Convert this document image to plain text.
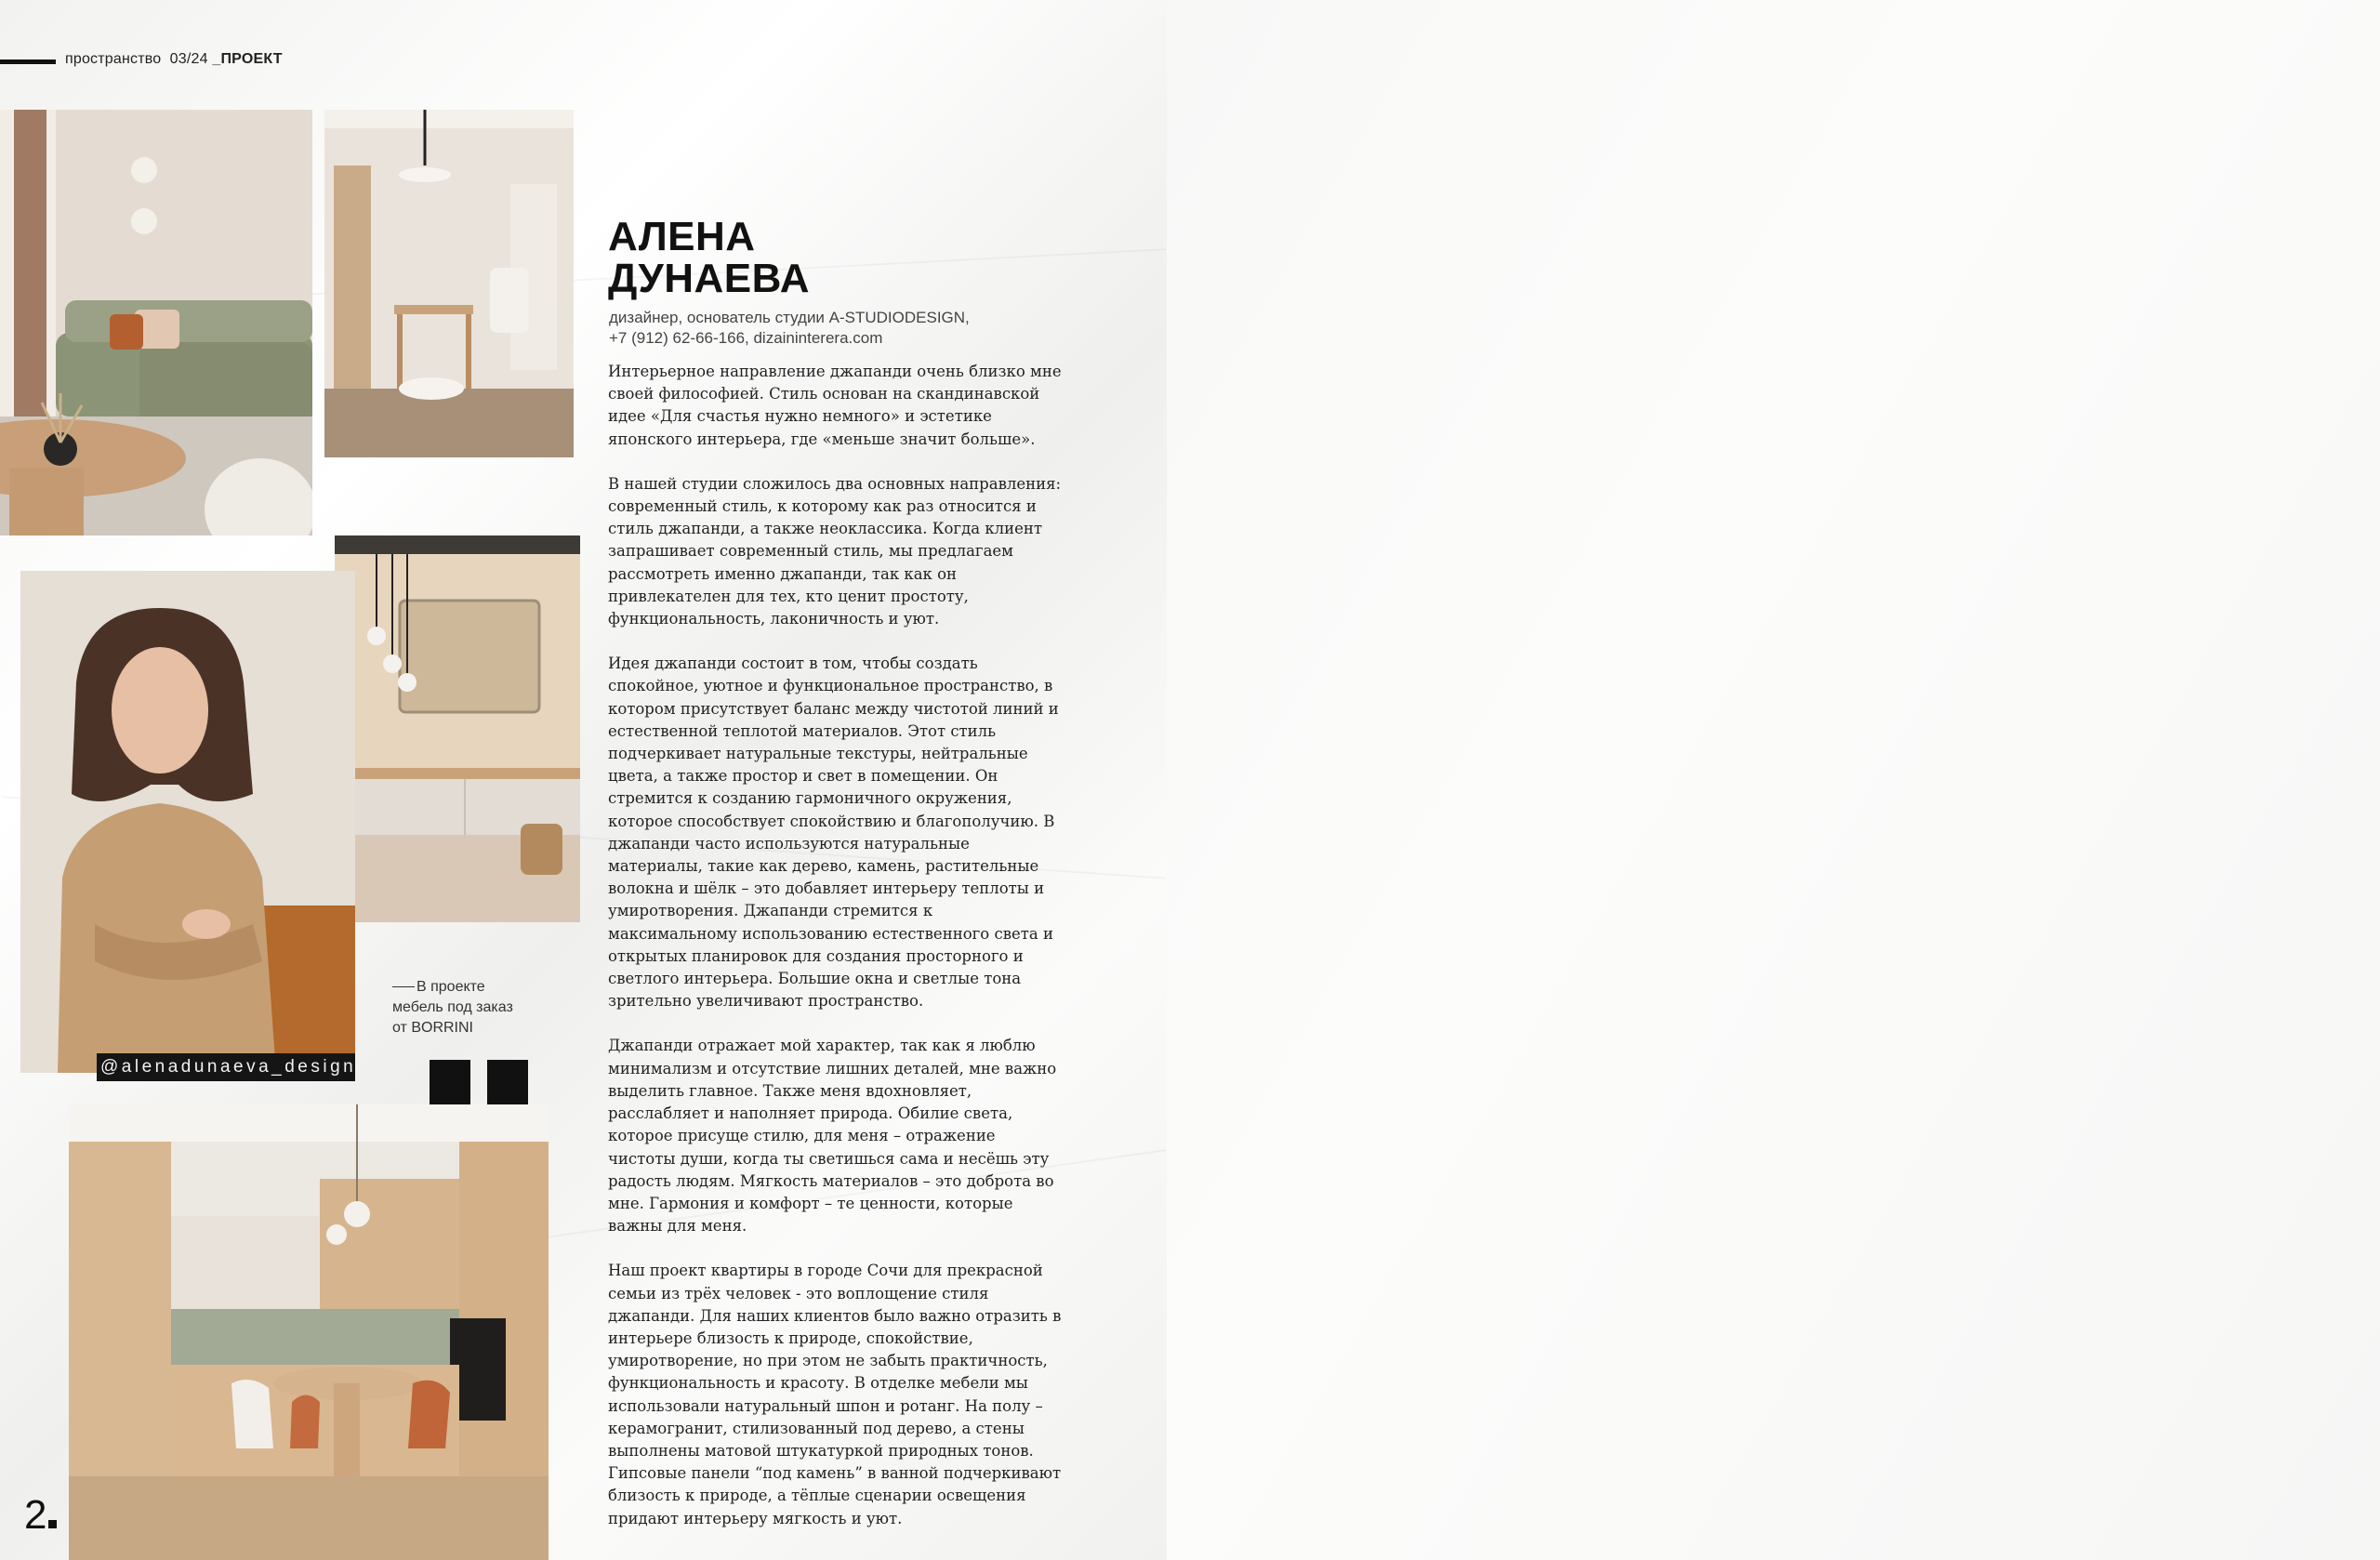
пространство 03/24 _ПРОЕКТ
@alenadunaeva_design
В проекте
мебель под заказ
от BORRINI
2
АЛЕНА
ДУНАЕВА
дизайнер, основатель студии A-STUDIODESIGN,
+7 (912) 62-66-166, dizaininterera.com

Интерьерное направление джапанди очень близко мне своей философией. Стиль основан на скандинавской идее «Для счастья нужно немного» и эстетике японского интерьера, где «меньше значит больше».

В нашей студии сложилось два основных направления: современный стиль, к которому как раз относится и стиль джапанди, а также неоклассика. Когда клиент запрашивает современный стиль, мы предлагаем рассмотреть именно джапанди, так как он привлекателен для тех, кто ценит простоту, функциональность, лаконичность и уют.

Идея джапанди состоит в том, чтобы создать спокойное, уютное и функциональное пространство, в котором присутствует баланс между чистотой линий и естественной теплотой материалов. Этот стиль подчеркивает натуральные текстуры, нейтральные цвета, а также простор и свет в помещении. Он стремится к созданию гармоничного окружения, которое способствует спокойствию и благополучию. В джапанди часто используются натуральные материалы, такие как дерево, камень, растительные волокна и шёлк – это добавляет интерьеру теплоты и умиротворения. Джапанди стремится к максимальному использованию естественного света и открытых планировок для создания просторного и светлого интерьера. Большие окна и светлые тона зрительно увеличивают пространство.

Джапанди отражает мой характер, так как я люблю минимализм и отсутствие лишних деталей, мне важно выделить главное. Также меня вдохновляет, расслабляет и наполняет природа. Обилие света, которое присуще стилю, для меня – отражение чистоты души, когда ты светишься сама и несёшь эту радость людям. Мягкость материалов – это доброта во мне. Гармония и комфорт – те ценности, которые важны для меня.

Наш проект квартиры в городе Сочи для прекрасной семьи из трёх человек - это воплощение стиля джапанди. Для наших клиентов было важно отразить в интерьере близость к природе, спокойствие, умиротворение, но при этом не забыть практичность, функциональность и красоту. В отделке мебели мы использовали натуральный шпон и ротанг. На полу – керамогранит, стилизованный под дерево, а стены выполнены матовой штукатуркой природных тонов. Гипсовые панели “под камень” в ванной подчеркивают близость к природе, а тёплые сценарии освещения придают интерьеру мягкость и уют.
